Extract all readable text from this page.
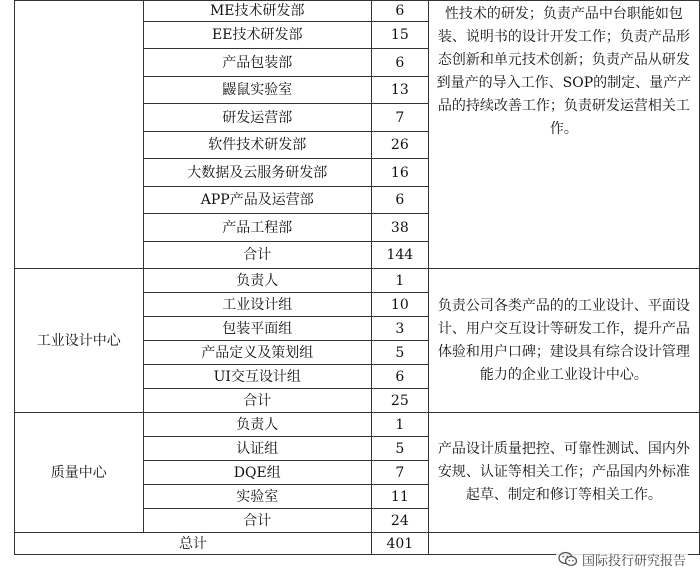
	ME技术研发部	6	性技术的研发；负责产品中台职能如包装、说明书的设计开发工作；负责产品形态创新和单元技术创新；负责产品从研发到量产的导入工作、SOP的制定、量产产品的持续改善工作；负责研发运营相关工作。
	EE技术研发部	15	
	产品包装部	6	
	鼹鼠实验室	13	
	研发运营部	7	
	软件技术研发部	26	
	大数据及云服务研发部	16	
	APP产品及运营部	6	
	产品工程部	38	
	合计	144	
工业设计中心	负责人	1	负责公司各类产品的的工业设计、平面设计、用户交互设计等研发工作，提升产品体验和用户口碑；建设具有综合设计管理能力的企业工业设计中心。
	工业设计组	10	
	包装平面组	3	
	产品定义及策划组	5	
	UI交互设计组	6	
	合计	25	
质量中心	负责人	1	产品设计质量把控、可靠性测试、国内外安规、认证等相关工作；产品国内外标准起草、制定和修订等相关工作。
	认证组	5	
	DQE组	7	
	实验室	11	
	合计	24	
总计		401	
国际投行研究报告
